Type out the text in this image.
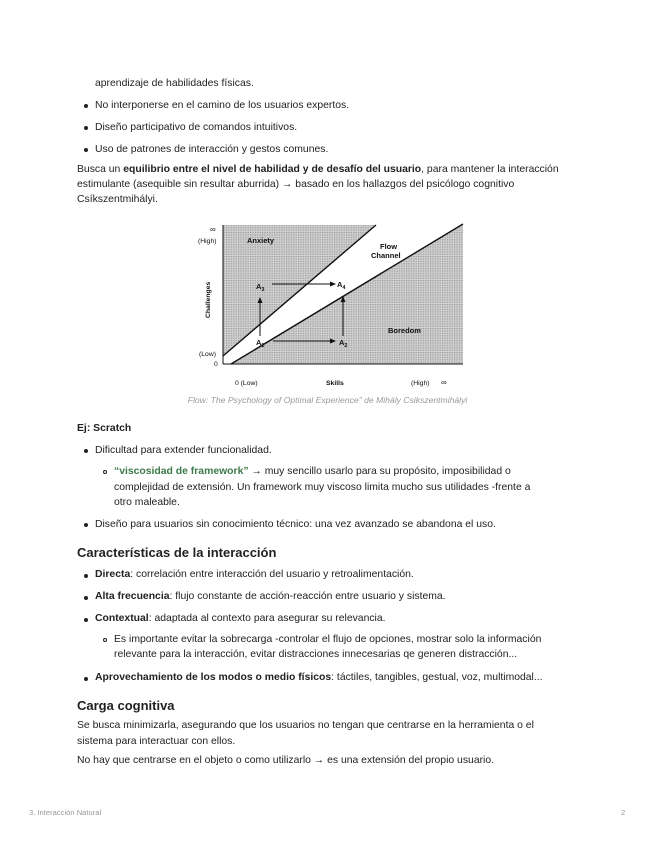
aprendizaje de habilidades físicas.
No interponerse en el camino de los usuarios expertos.
Diseño participativo de comandos intuitivos.
Uso de patrones de interacción y gestos comunes.
Busca un equilibrio entre el nivel de habilidad y de desafío del usuario, para mantener la interacción
estimulante (asequible sin resultar aburrida) → basado en los hallazgos del psicólogo cognitivo
Csíkszentmihályi.
∞
(High)
(Low)
0
Challenges
0 (Low)	Skills	(High) ∞
Anxiety
Flow
Channel
Boredom
$A_3$
$A_4$
$A_1$	$A_2$
Flow: The Psychology of Optimal Experience" de Mihály Csikszentmihályi
Ej: Scratch
Dificultad para extender funcionalidad.
“viscosidad de framework” → muy sencillo usarlo para su propósito, imposibilidad o
complejidad de extensión. Un framework muy viscoso limita mucho sus utilidades -frente a
otro maleable.
Diseño para usuarios sin conocimiento técnico: una vez avanzado se abandona el uso.
Características de la interacción
Directa: correlación entre interacción del usuario y retroalimentación.
Alta frecuencia: flujo constante de acción-reacción entre usuario y sistema.
Contextual: adaptada al contexto para asegurar su relevancia.
Es importante evitar la sobrecarga -controlar el flujo de opciones, mostrar solo la información
relevante para la interacción, evitar distracciones innecesarias qe generen distracción...
Aprovechamiento de los modos o medio físicos: táctiles, tangibles, gestual, voz, multimodal...
Carga cognitiva
Se busca minimizarla, asegurando que los usuarios no tengan que centrarse en la herramienta o el
sistema para interactuar con ellos.
No hay que centrarse en el objeto o como utilizarlo → es una extensión del propio usuario.
3. Interacción Natural	2
